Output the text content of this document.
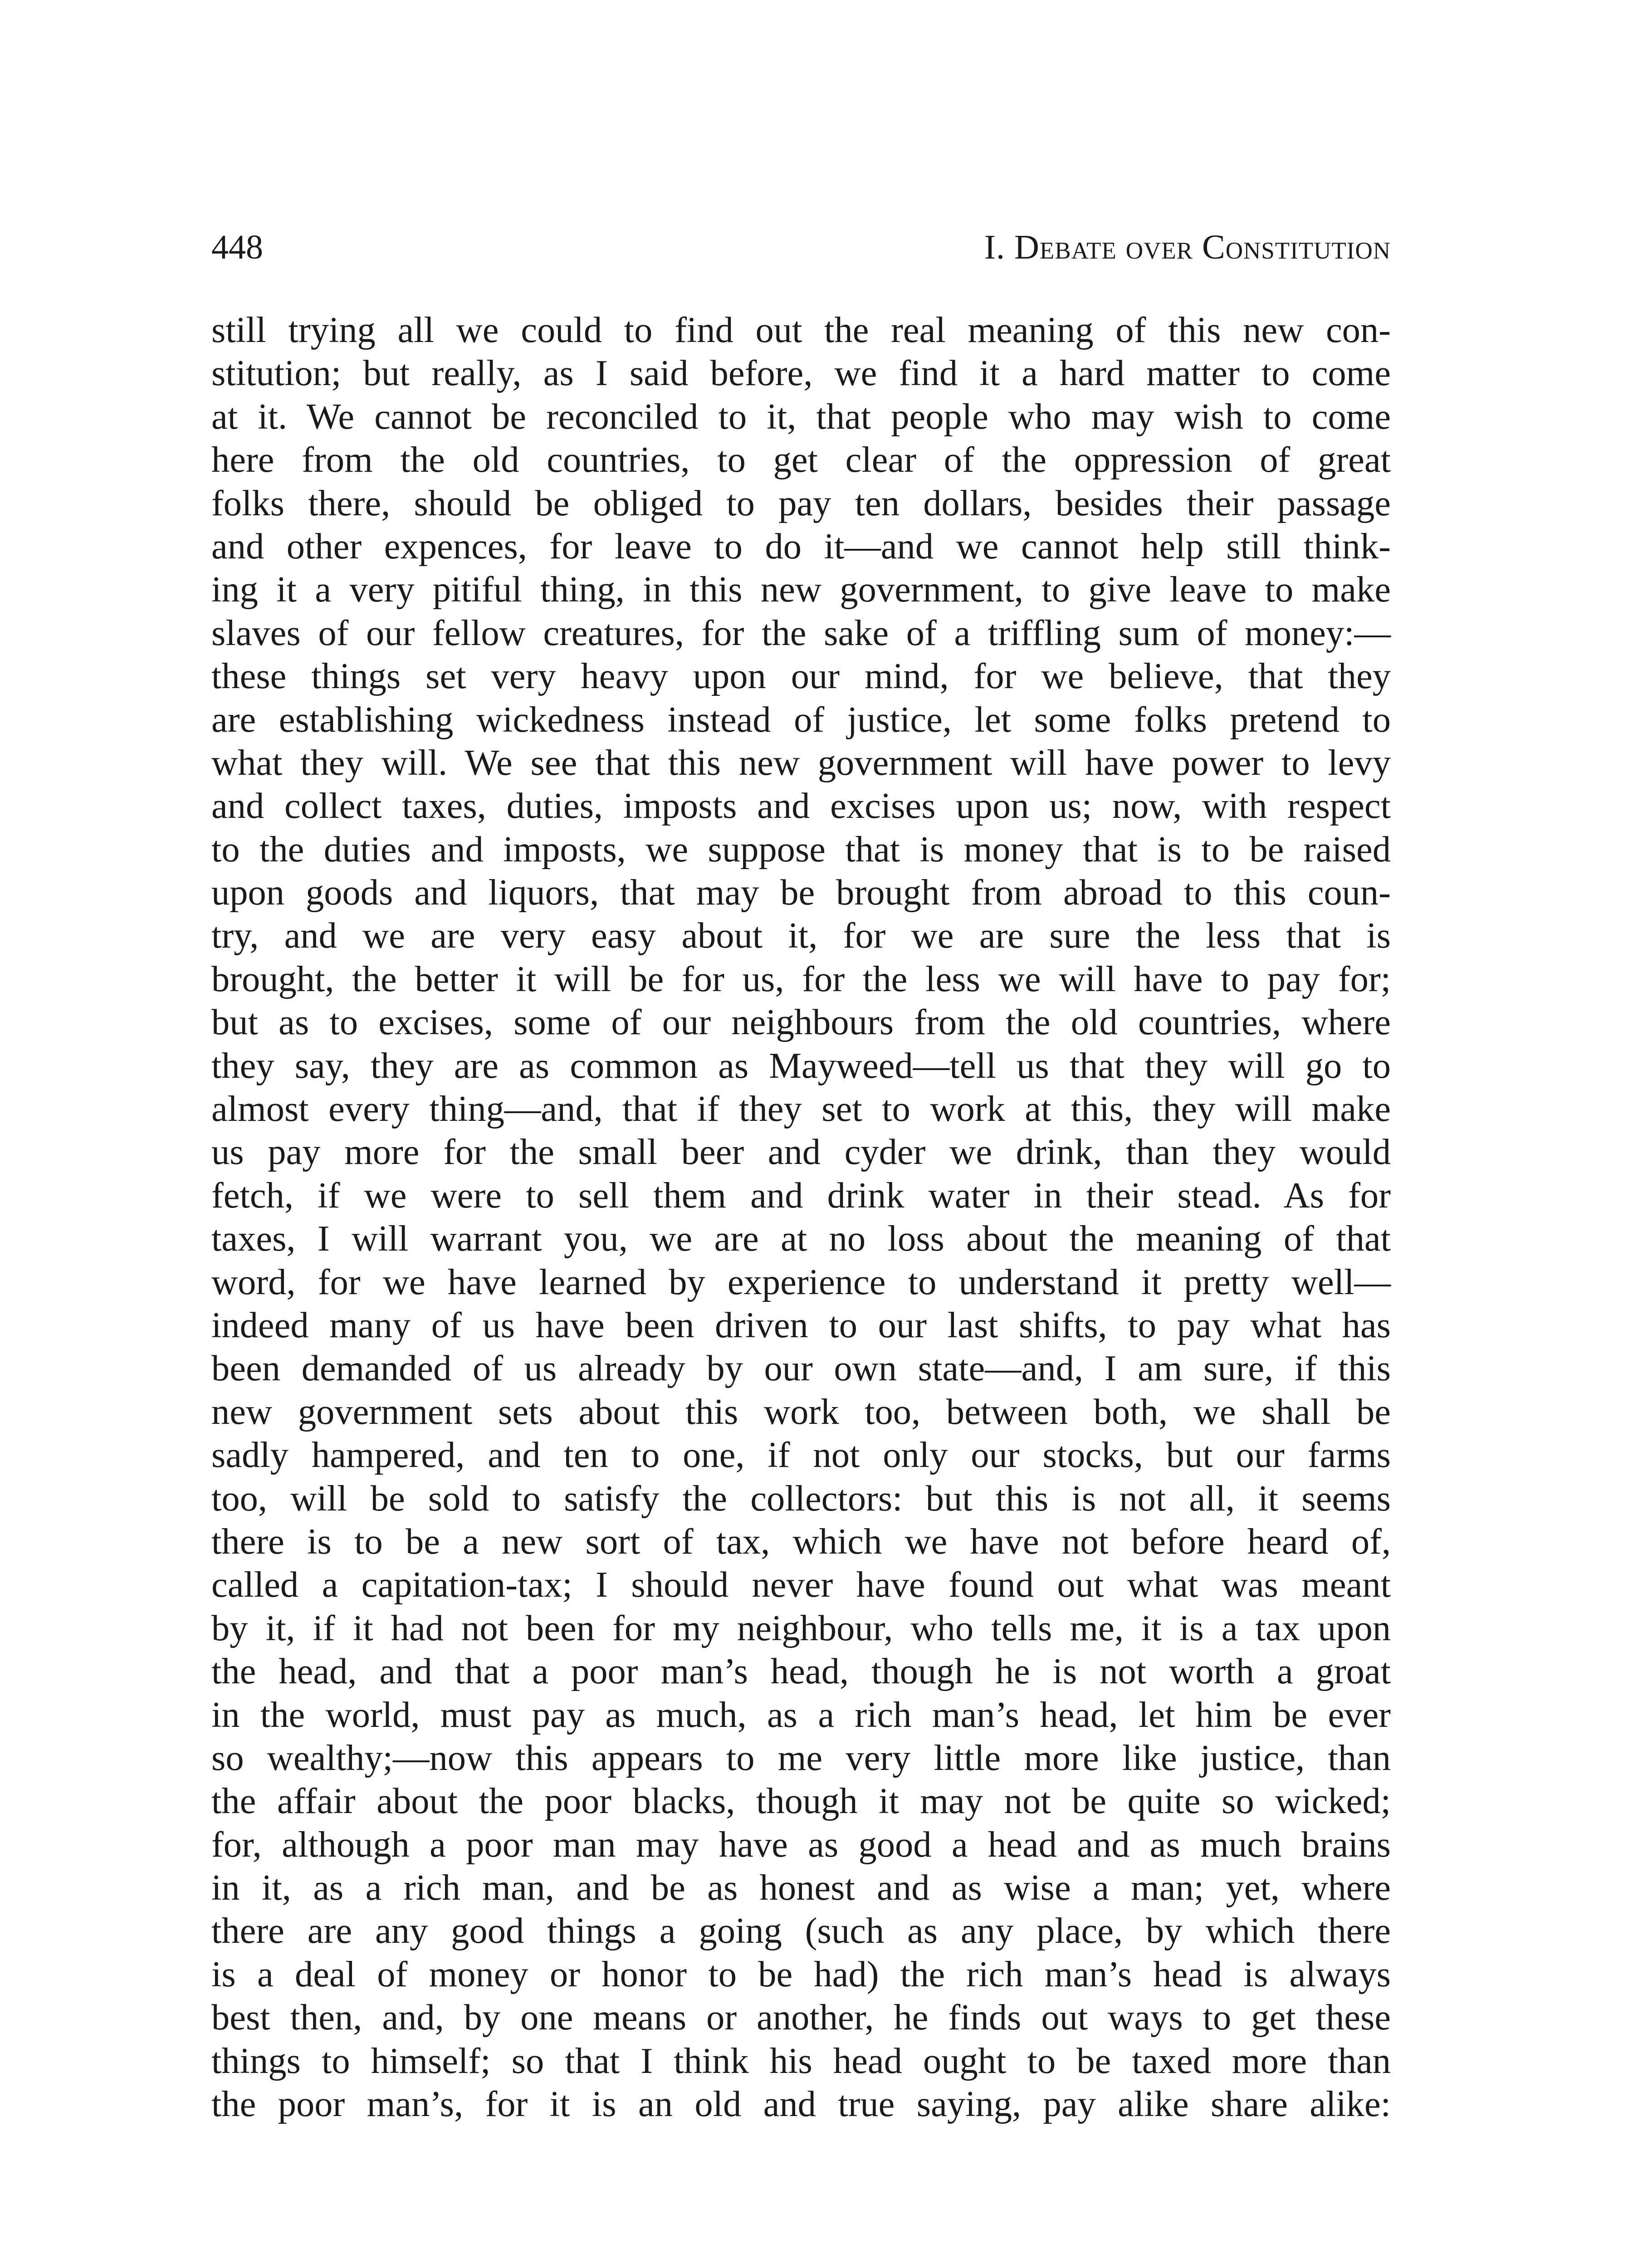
448	I. Debate over Constitution
still trying all we could to find out the real meaning of this new con-
stitution; but really, as I said before, we find it a hard matter to come
at it. We cannot be reconciled to it, that people who may wish to come
here from the old countries, to get clear of the oppression of great
folks there, should be obliged to pay ten dollars, besides their passage
and other expences, for leave to do it—and we cannot help still think-
ing it a very pitiful thing, in this new government, to give leave to make
slaves of our fellow creatures, for the sake of a triffling sum of money:—
these things set very heavy upon our mind, for we believe, that they
are establishing wickedness instead of justice, let some folks pretend to
what they will. We see that this new government will have power to levy
and collect taxes, duties, imposts and excises upon us; now, with respect
to the duties and imposts, we suppose that is money that is to be raised
upon goods and liquors, that may be brought from abroad to this coun-
try, and we are very easy about it, for we are sure the less that is
brought, the better it will be for us, for the less we will have to pay for;
but as to excises, some of our neighbours from the old countries, where
they say, they are as common as Mayweed—tell us that they will go to
almost every thing—and, that if they set to work at this, they will make
us pay more for the small beer and cyder we drink, than they would
fetch, if we were to sell them and drink water in their stead. As for
taxes, I will warrant you, we are at no loss about the meaning of that
word, for we have learned by experience to understand it pretty well—
indeed many of us have been driven to our last shifts, to pay what has
been demanded of us already by our own state—and, I am sure, if this
new government sets about this work too, between both, we shall be
sadly hampered, and ten to one, if not only our stocks, but our farms
too, will be sold to satisfy the collectors: but this is not all, it seems
there is to be a new sort of tax, which we have not before heard of,
called a capitation-tax; I should never have found out what was meant
by it, if it had not been for my neighbour, who tells me, it is a tax upon
the head, and that a poor man’s head, though he is not worth a groat
in the world, must pay as much, as a rich man’s head, let him be ever
so wealthy;—now this appears to me very little more like justice, than
the affair about the poor blacks, though it may not be quite so wicked;
for, although a poor man may have as good a head and as much brains
in it, as a rich man, and be as honest and as wise a man; yet, where
there are any good things a going (such as any place, by which there
is a deal of money or honor to be had) the rich man’s head is always
best then, and, by one means or another, he finds out ways to get these
things to himself; so that I think his head ought to be taxed more than
the poor man’s, for it is an old and true saying, pay alike share alike:
